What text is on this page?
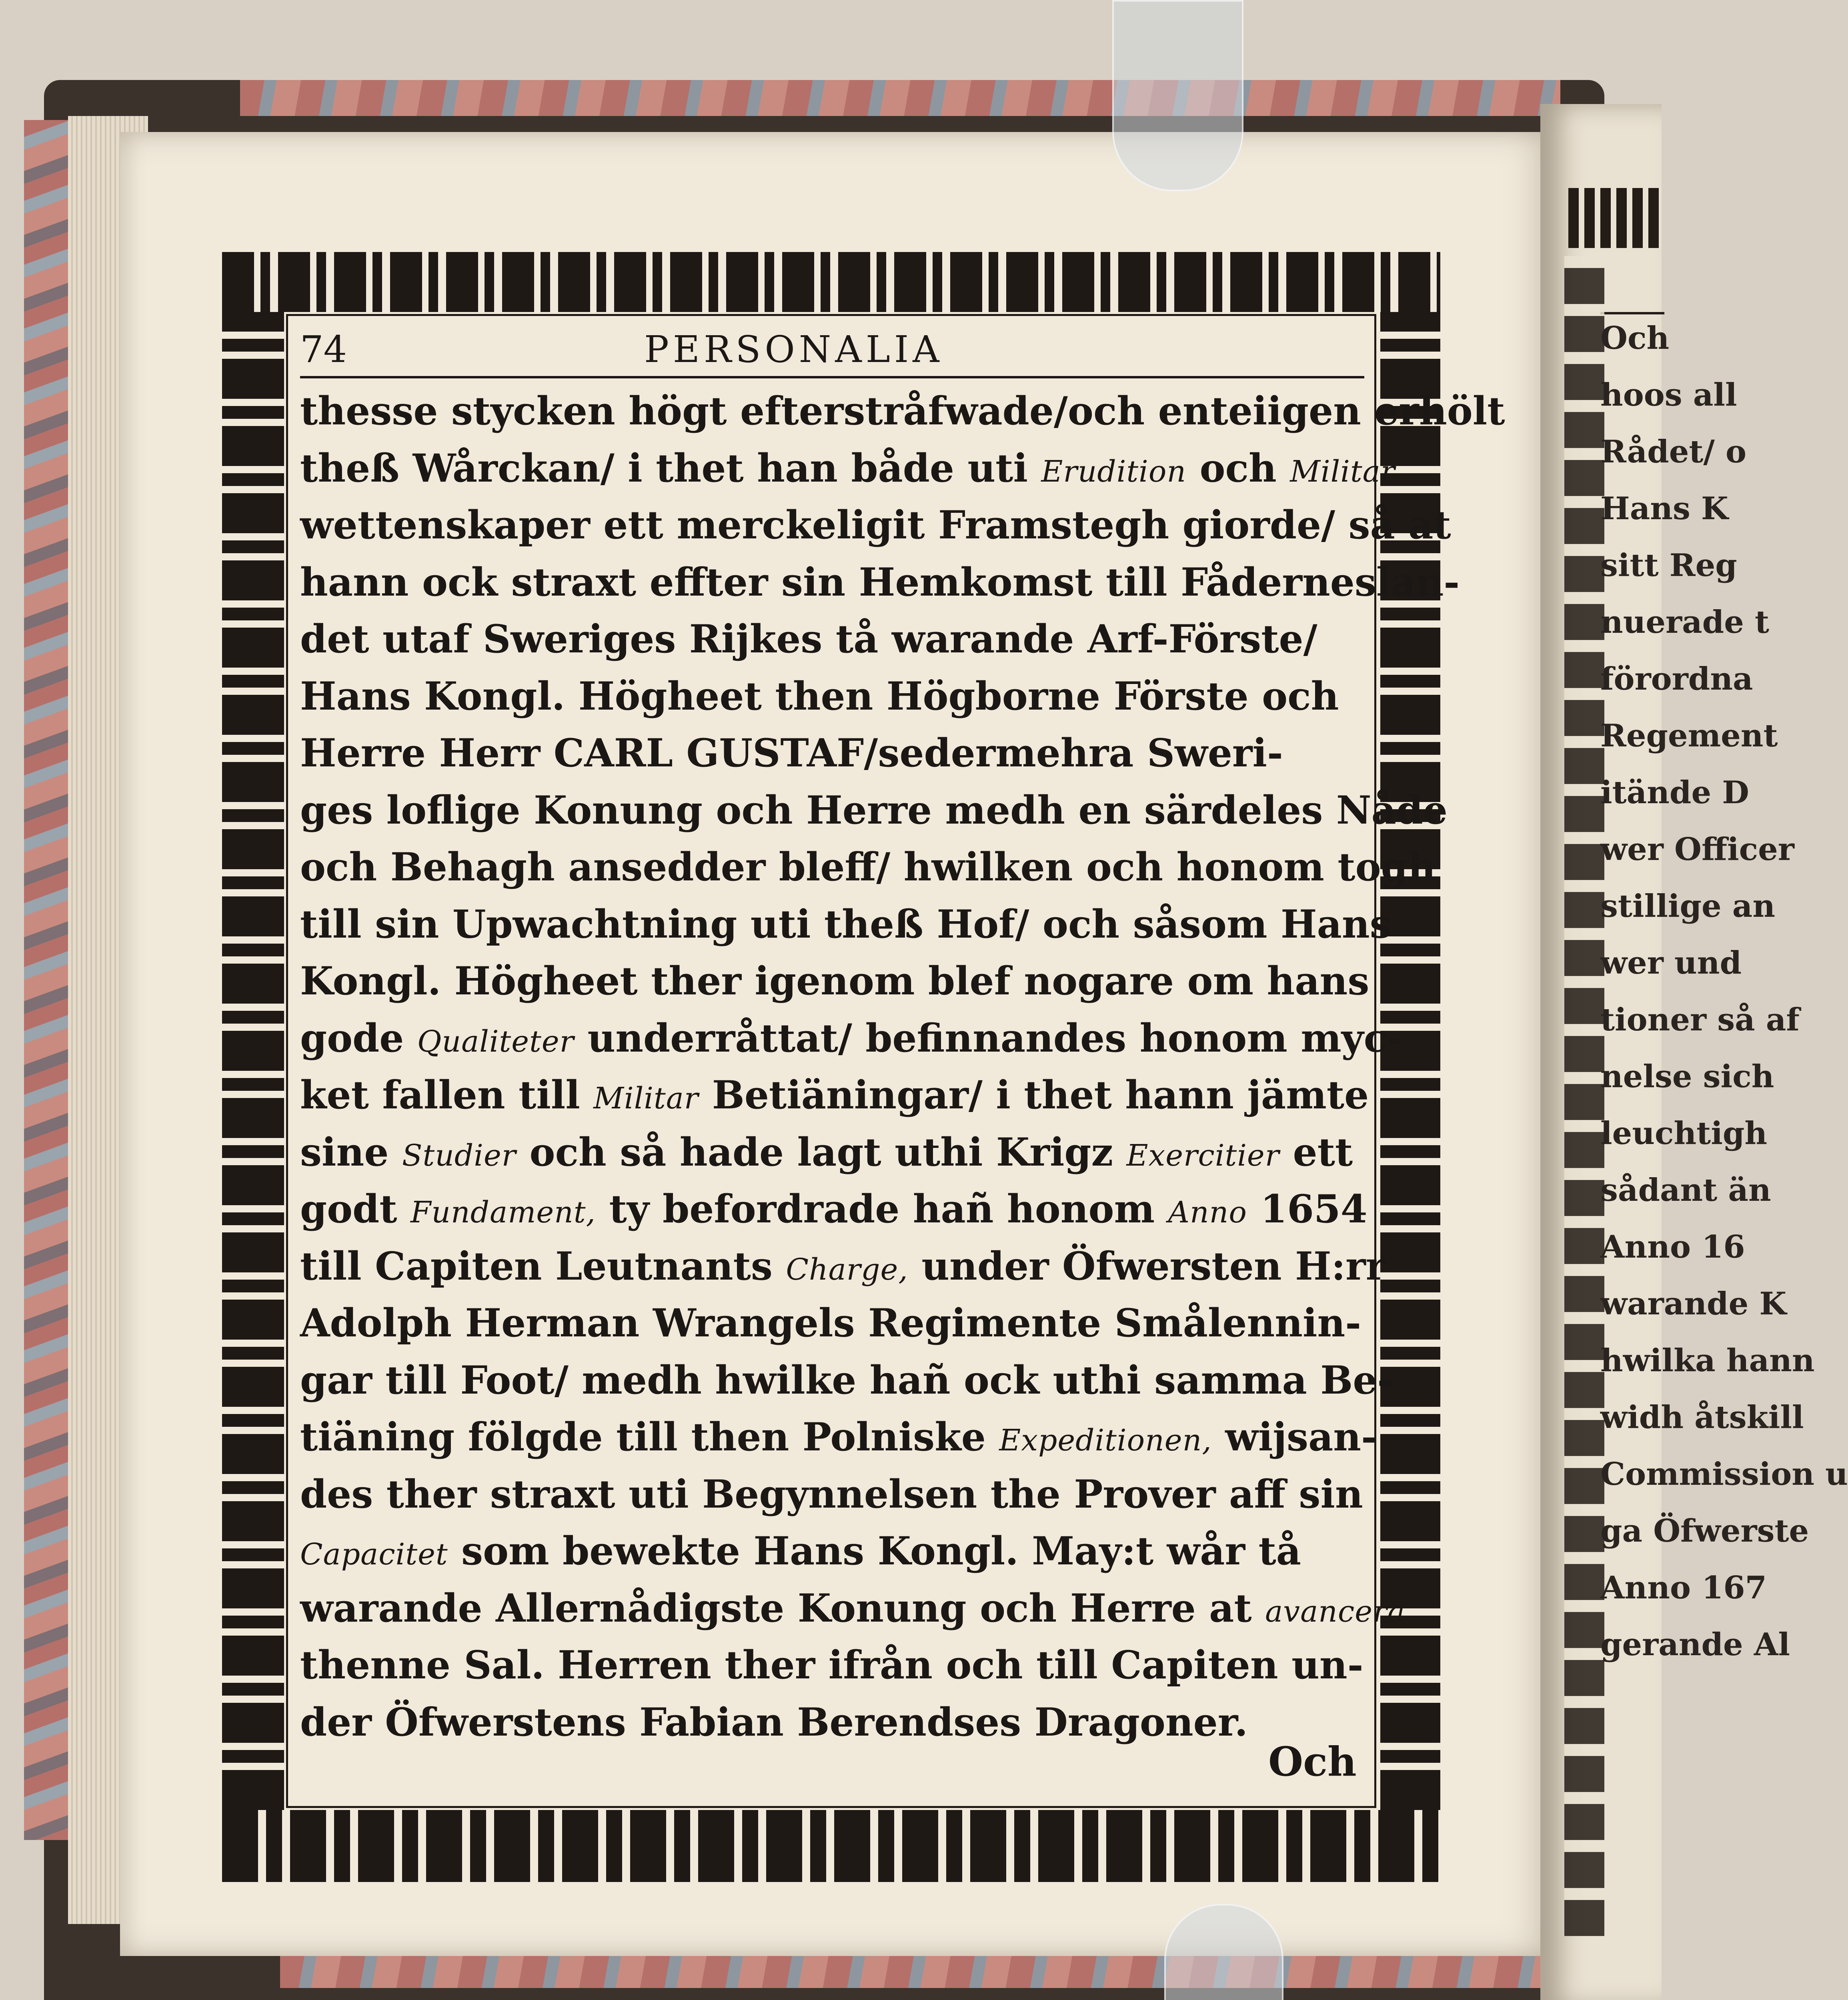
Och
hoos all
Rådet/ o
Hans K
sitt Reg
nuerade t
förordna
Regement
itände D
wer Officer
stillige an
wer und
tioner så af
nelse sich
leuchtigh
sådant än
Anno 16
warande K
hwilka hann
widh åtskill
Commission u
ga Öfwerste
Anno 167
gerande Al
74	PERSONALIA
thesse stycken högt efterstråfwade/och enteiigen erhölt
theß Wårckan/ i thet han både uti Erudition och Militar
wettenskaper ett merckeligit Framstegh giorde/ så at
hann ock straxt effter sin Hemkomst till Fåderneslan-
det utaf Sweriges Rijkes tå warande Arf-Förste/
Hans Kongl. Högheet then Högborne Förste och
Herre Herr CARL GUSTAF/sedermehra Sweri-
ges loflige Konung och Herre medh en särdeles Nåde
och Behagh ansedder bleff/ hwilken och honom togh
till sin Upwachtning uti theß Hof/ och såsom Hans
Kongl. Högheet ther igenom blef nogare om hans
gode Qualiteter underråttat/ befinnandes honom myc-
ket fallen till Militar Betiäningar/ i thet hann jämte
sine Studier och så hade lagt uthi Krigz Exercitier ett
godt Fundament, ty befordrade hañ honom Anno 1654
till Capiten Leutnants Charge, under Öfwersten H:rr
Adolph Herman Wrangels Regimente Smålennin-
gar till Foot/ medh hwilke hañ ock uthi samma Be-
tiäning fölgde till then Polniske Expeditionen, wijsan-
des ther straxt uti Begynnelsen the Prover aff sin
Capacitet som bewekte Hans Kongl. May:t wår tå
warande Allernådigste Konung och Herre at avancera
thenne Sal. Herren ther ifrån och till Capiten un-
der Öfwerstens Fabian Berendses Dragoner.
Och
